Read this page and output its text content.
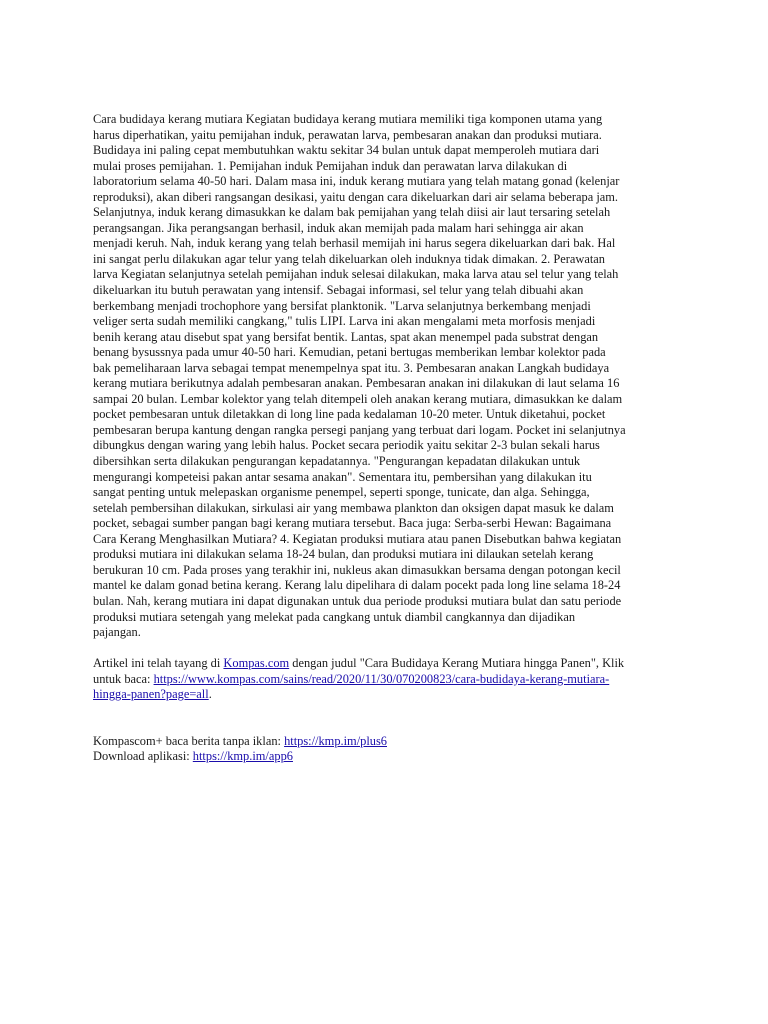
Cara budidaya kerang mutiara Kegiatan budidaya kerang mutiara memiliki tiga komponen utama yang
harus diperhatikan, yaitu pemijahan induk, perawatan larva, pembesaran anakan dan produksi mutiara.
Budidaya ini paling cepat membutuhkan waktu sekitar 34 bulan untuk dapat memperoleh mutiara dari
mulai proses pemijahan. 1. Pemijahan induk Pemijahan induk dan perawatan larva dilakukan di
laboratorium selama 40-50 hari. Dalam masa ini, induk kerang mutiara yang telah matang gonad (kelenjar
reproduksi), akan diberi rangsangan desikasi, yaitu dengan cara dikeluarkan dari air selama beberapa jam.
Selanjutnya, induk kerang dimasukkan ke dalam bak pemijahan yang telah diisi air laut tersaring setelah
perangsangan. Jika perangsangan berhasil, induk akan memijah pada malam hari sehingga air akan
menjadi keruh. Nah, induk kerang yang telah berhasil memijah ini harus segera dikeluarkan dari bak. Hal
ini sangat perlu dilakukan agar telur yang telah dikeluarkan oleh induknya tidak dimakan. 2. Perawatan
larva Kegiatan selanjutnya setelah pemijahan induk selesai dilakukan, maka larva atau sel telur yang telah
dikeluarkan itu butuh perawatan yang intensif. Sebagai informasi, sel telur yang telah dibuahi akan
berkembang menjadi trochophore yang bersifat planktonik. "Larva selanjutnya berkembang menjadi
veliger serta sudah memiliki cangkang," tulis LIPI. Larva ini akan mengalami meta morfosis menjadi
benih kerang atau disebut spat yang bersifat bentik. Lantas, spat akan menempel pada substrat dengan
benang bysussnya pada umur 40-50 hari. Kemudian, petani bertugas memberikan lembar kolektor pada
bak pemeliharaan larva sebagai tempat menempelnya spat itu. 3. Pembesaran anakan Langkah budidaya
kerang mutiara berikutnya adalah pembesaran anakan. Pembesaran anakan ini dilakukan di laut selama 16
sampai 20 bulan. Lembar kolektor yang telah ditempeli oleh anakan kerang mutiara, dimasukkan ke dalam
pocket pembesaran untuk diletakkan di long line pada kedalaman 10-20 meter. Untuk diketahui, pocket
pembesaran berupa kantung dengan rangka persegi panjang yang terbuat dari logam. Pocket ini selanjutnya
dibungkus dengan waring yang lebih halus. Pocket secara periodik yaitu sekitar 2-3 bulan sekali harus
dibersihkan serta dilakukan pengurangan kepadatannya. "Pengurangan kepadatan dilakukan untuk
mengurangi kompeteisi pakan antar sesama anakan". Sementara itu, pembersihan yang dilakukan itu
sangat penting untuk melepaskan organisme penempel, seperti sponge, tunicate, dan alga. Sehingga,
setelah pembersihan dilakukan, sirkulasi air yang membawa plankton dan oksigen dapat masuk ke dalam
pocket, sebagai sumber pangan bagi kerang mutiara tersebut. Baca juga: Serba-serbi Hewan: Bagaimana
Cara Kerang Menghasilkan Mutiara? 4. Kegiatan produksi mutiara atau panen Disebutkan bahwa kegiatan
produksi mutiara ini dilakukan selama 18-24 bulan, dan produksi mutiara ini dilaukan setelah kerang
berukuran 10 cm. Pada proses yang terakhir ini, nukleus akan dimasukkan bersama dengan potongan kecil
mantel ke dalam gonad betina kerang. Kerang lalu dipelihara di dalam pocekt pada long line selama 18-24
bulan. Nah, kerang mutiara ini dapat digunakan untuk dua periode produksi mutiara bulat dan satu periode
produksi mutiara setengah yang melekat pada cangkang untuk diambil cangkannya dan dijadikan
pajangan.
Artikel ini telah tayang di Kompas.com dengan judul "Cara Budidaya Kerang Mutiara hingga Panen", Klik
untuk baca: https://www.kompas.com/sains/read/2020/11/30/070200823/cara-budidaya-kerang-mutiara-
hingga-panen?page=all.
Kompascom+ baca berita tanpa iklan: https://kmp.im/plus6
Download aplikasi: https://kmp.im/app6
